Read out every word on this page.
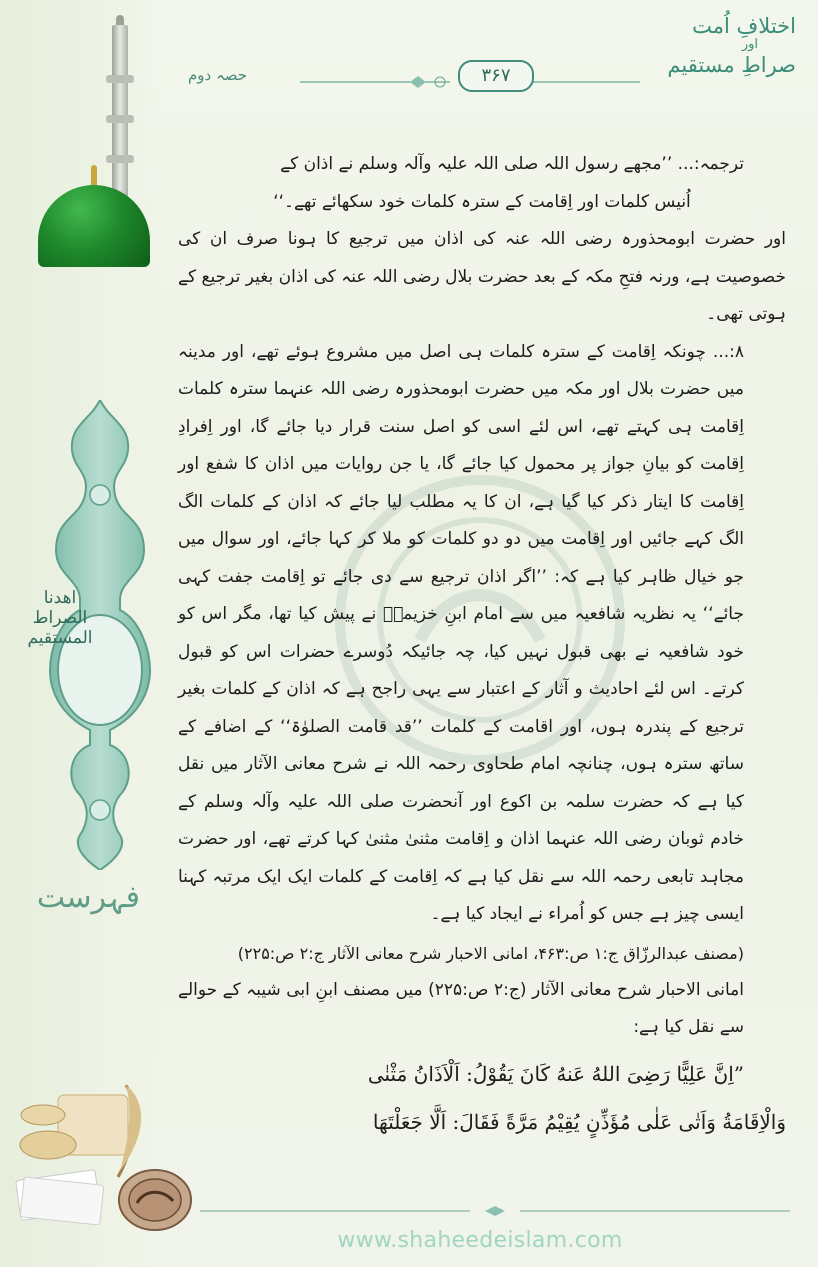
اھدنا الصراط المستقیم
فہرست
اختلافِ اُمت
اور
صراطِ مستقیم
حصہ دوم	۳۶۷

ترجمہ:... ’’مجھے رسول اللہ صلی اللہ علیہ وآلہ وسلم نے اذان کے

اُنیس کلمات اور اِقامت کے سترہ کلمات خود سکھائے تھے۔‘‘

اور حضرت ابومحذورہ رضی اللہ عنہ کی اذان میں ترجیع کا ہونا صرف ان کی خصوصیت ہے، ورنہ فتحِ مکہ کے بعد حضرت بلال رضی اللہ عنہ کی اذان بغیر ترجیع کے ہوتی تھی۔

۸:... چونکہ اِقامت کے سترہ کلمات ہی اصل میں مشروع ہوئے تھے، اور مدینہ میں حضرت بلال اور مکہ میں حضرت ابومحذورہ رضی اللہ عنہما سترہ کلمات اِقامت ہی کہتے تھے، اس لئے اسی کو اصل سنت قرار دیا جائے گا، اور اِفرادِ اِقامت کو بیانِ جواز پر محمول کیا جائے گا، یا جن روایات میں اذان کا شفع اور اِقامت کا ایتار ذکر کیا گیا ہے، ان کا یہ مطلب لیا جائے کہ اذان کے کلمات الگ الگ کہے جائیں اور اِقامت میں دو دو کلمات کو ملا کر کہا جائے، اور سوال میں جو خیال ظاہر کیا ہے کہ: ’’اگر اذان ترجیع سے دی جائے تو اِقامت جفت کہی جائے‘‘ یہ نظریہ شافعیہ میں سے امام ابنِ خزیمہؒ نے پیش کیا تھا، مگر اس کو خود شافعیہ نے بھی قبول نہیں کیا، چہ جائیکہ دُوسرے حضرات اس کو قبول کرتے۔ اس لئے احادیث و آثار کے اعتبار سے یہی راجح ہے کہ اذان کے کلمات بغیر ترجیع کے پندرہ ہوں، اور اقامت کے کلمات ’’قد قامت الصلوٰۃ‘‘ کے اضافے کے ساتھ سترہ ہوں، چنانچہ امام طحاوی رحمہ اللہ نے شرح معانی الآثار میں نقل کیا ہے کہ حضرت سلمہ بن اکوع اور آنحضرت صلی اللہ علیہ وآلہ وسلم کے خادم ثوبان رضی اللہ عنہما اذان و اِقامت مثنیٰ مثنیٰ کہا کرتے تھے، اور حضرت مجاہد تابعی رحمہ اللہ سے نقل کیا ہے کہ اِقامت کے کلمات ایک ایک مرتبہ کہنا ایسی چیز ہے جس کو اُمراء نے ایجاد کیا ہے۔

(مصنف عبدالرزّاق ج:۱ ص:۴۶۳، امانی الاحبار شرح معانی الآثار ج:۲ ص:۲۲۵)

امانی الاحبار شرح معانی الآثار (ج:۲ ص:۲۲۵) میں مصنف ابنِ ابی شیبہ کے حوالے سے نقل کیا ہے:

”اِنَّ عَلِیًّا رَضِیَ اللهُ عَنهُ کَانَ یَقُوْلُ: اَلْاَذَانُ مَثْنٰی

وَالْاِقَامَةُ وَاَتٰی عَلٰی مُؤَذِّنٍ یُقِیْمُ مَرَّةً فَقَالَ: اَلَّا جَعَلْتَھَا

www.shaheedeislam.com
